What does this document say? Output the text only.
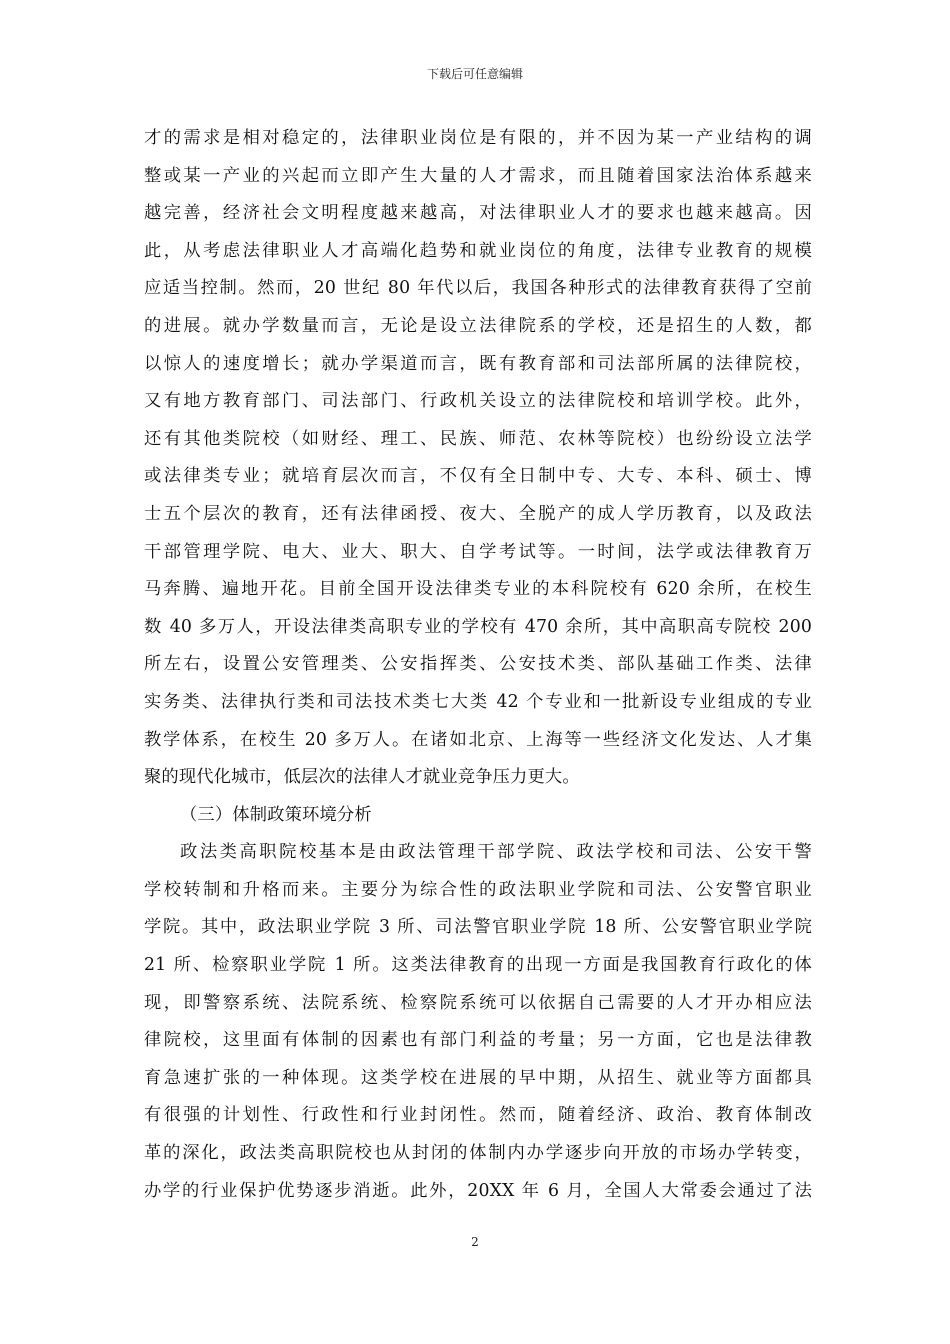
下载后可任意编辑
才的需求是相对稳定的，法律职业岗位是有限的，并不因为某一产业结构的调
整或某一产业的兴起而立即产生大量的人才需求，而且随着国家法治体系越来
越完善，经济社会文明程度越来越高，对法律职业人才的要求也越来越高。因
此，从考虑法律职业人才高端化趋势和就业岗位的角度，法律专业教育的规模
应适当控制。然而，20 世纪 80 年代以后，我国各种形式的法律教育获得了空前
的进展。就办学数量而言，无论是设立法律院系的学校，还是招生的人数，都
以惊人的速度增长；就办学渠道而言，既有教育部和司法部所属的法律院校，
又有地方教育部门、司法部门、行政机关设立的法律院校和培训学校。此外，
还有其他类院校（如财经、理工、民族、师范、农林等院校）也纷纷设立法学
或法律类专业；就培育层次而言，不仅有全日制中专、大专、本科、硕士、博
士五个层次的教育，还有法律函授、夜大、全脱产的成人学历教育，以及政法
干部管理学院、电大、业大、职大、自学考试等。一时间，法学或法律教育万
马奔腾、遍地开花。目前全国开设法律类专业的本科院校有 620 余所，在校生
数 40 多万人，开设法律类高职专业的学校有 470 余所，其中高职高专院校 200
所左右，设置公安管理类、公安指挥类、公安技术类、部队基础工作类、法律
实务类、法律执行类和司法技术类七大类 42 个专业和一批新设专业组成的专业
教学体系，在校生 20 多万人。在诸如北京、上海等一些经济文化发达、人才集
聚的现代化城市，低层次的法律人才就业竞争压力更大。
（三）体制政策环境分析
政法类高职院校基本是由政法管理干部学院、政法学校和司法、公安干警
学校转制和升格而来。主要分为综合性的政法职业学院和司法、公安警官职业
学院。其中，政法职业学院 3 所、司法警官职业学院 18 所、公安警官职业学院
21 所、检察职业学院 1 所。这类法律教育的出现一方面是我国教育行政化的体
现，即警察系统、法院系统、检察院系统可以依据自己需要的人才开办相应法
律院校，这里面有体制的因素也有部门利益的考量；另一方面，它也是法律教
育急速扩张的一种体现。这类学校在进展的早中期，从招生、就业等方面都具
有很强的计划性、行政性和行业封闭性。然而，随着经济、政治、教育体制改
革的深化，政法类高职院校也从封闭的体制内办学逐步向开放的市场办学转变，
办学的行业保护优势逐步消逝。此外，20XX 年 6 月，全国人大常委会通过了法
2
